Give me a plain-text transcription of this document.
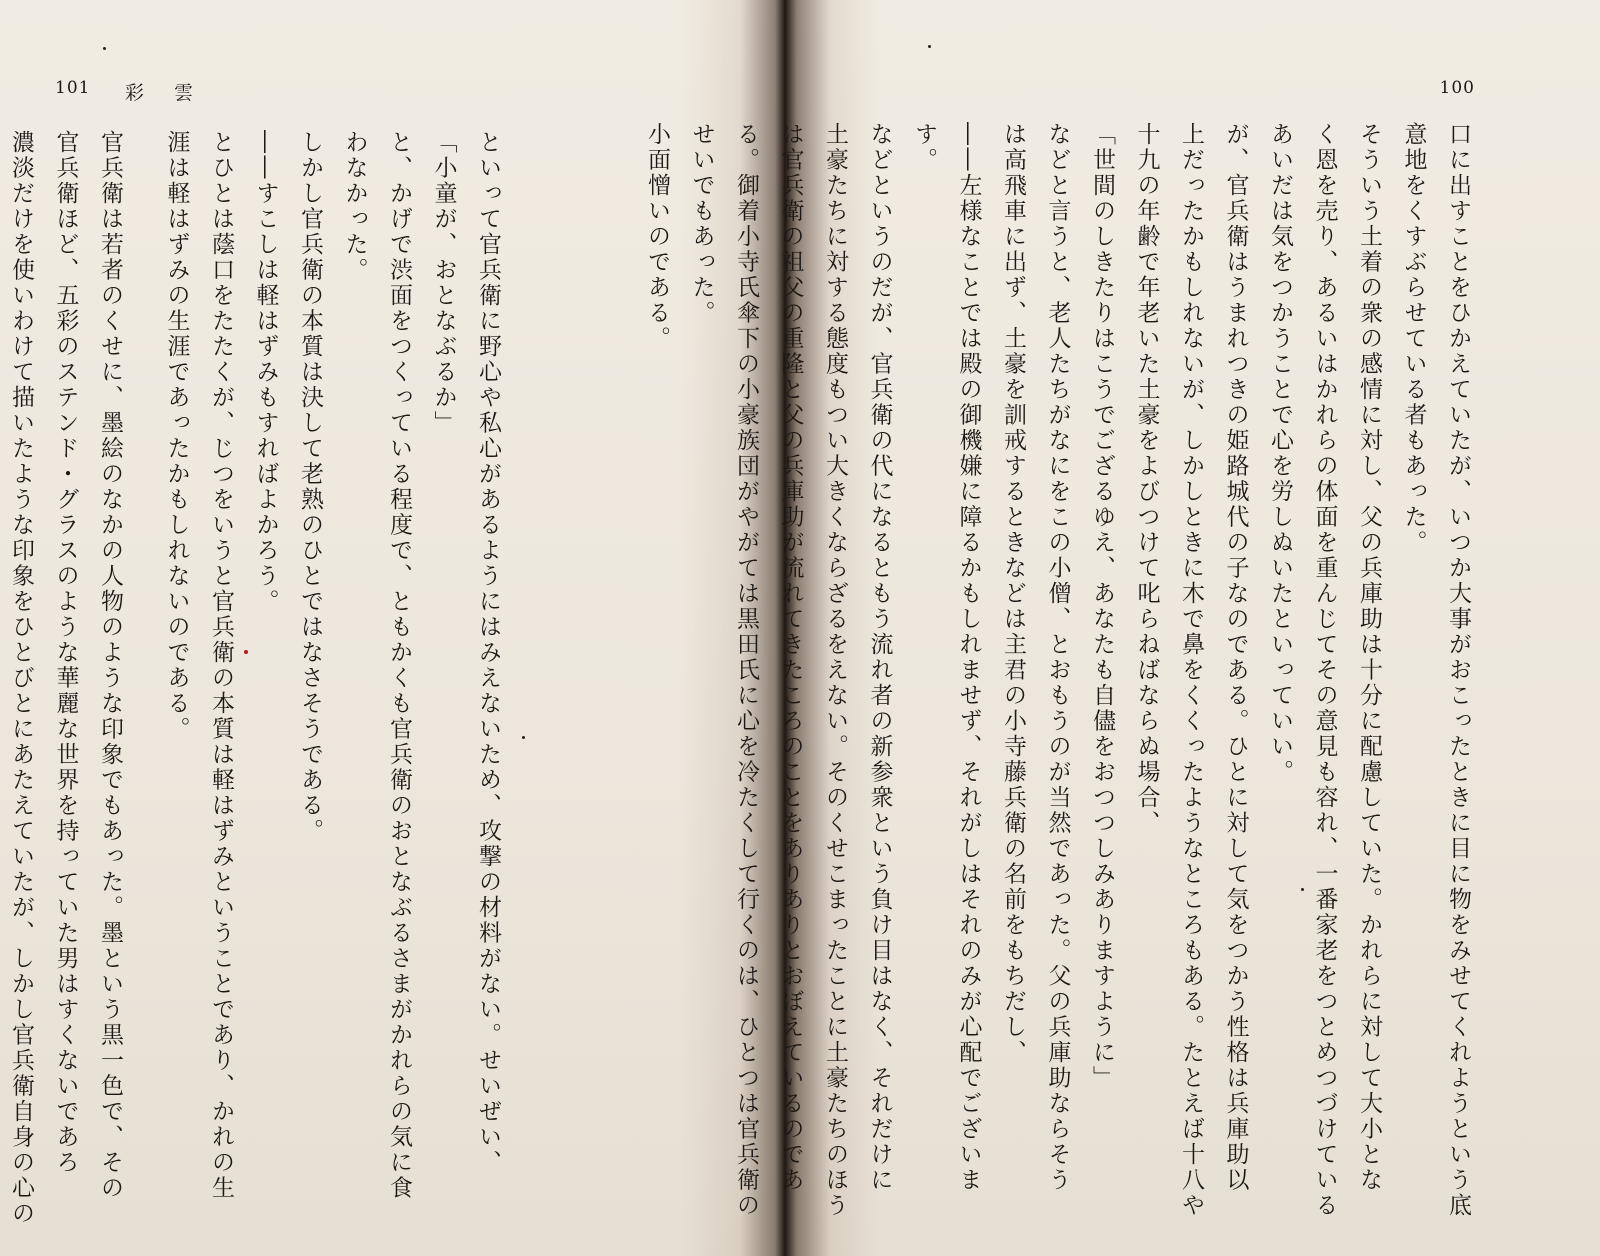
101 彩 雲
といって官兵衛に野心や私心があるようにはみえないため、攻撃の材料がない。せいぜい、
「小童が、おとなぶるか」
と、かげで渋面をつくっている程度で、ともかくも官兵衛のおとなぶるさまがかれらの気に食
わなかった。
しかし官兵衛の本質は決して老熟のひとではなさそうである。
――すこしは軽はずみもすればよかろう。
とひとは蔭口をたたくが、じつをいうと官兵衛の本質は軽はずみということであり、かれの生
涯は軽はずみの生涯であったかもしれないのである。
官兵衛は若者のくせに、墨絵のなかの人物のような印象でもあった。墨という黒一色で、その
官兵衛ほど、五彩のステンド・グラスのような華麗な世界を持っていた男はすくないであろ
濃淡だけを使いわけて描いたような印象をひとびとにあたえていたが、しかし官兵衛自身の心の
100
口に出すことをひかえていたが、いつか大事がおこったときに目に物をみせてくれようという底
意地をくすぶらせている者もあった。
そういう土着の衆の感情に対し、父の兵庫助は十分に配慮していた。かれらに対して大小とな
く恩を売り、あるいはかれらの体面を重んじてその意見も容れ、一番家老をつとめつづけている
あいだは気をつかうことで心を労しぬいたといっていい。
が、官兵衛はうまれつきの姫路城代の子なのである。ひとに対して気をつかう性格は兵庫助以
上だったかもしれないが、しかしときに木で鼻をくくったようなところもある。たとえば十八や
十九の年齢で年老いた土豪をよびつけて叱らねばならぬ場合、
「世間のしきたりはこうでござるゆえ、あなたも自儘をおつつしみありますように」
などと言うと、老人たちがなにをこの小僧、とおもうのが当然であった。父の兵庫助ならそう
は高飛車に出ず、土豪を訓戒するときなどは主君の小寺藤兵衛の名前をもちだし、
――左様なことでは殿の御機嫌に障るかもしれませず、それがしはそれのみが心配でございま
す。
などというのだが、官兵衛の代になるともう流れ者の新参衆という負け目はなく、それだけに
土豪たちに対する態度もつい大きくならざるをえない。そのくせこまったことに土豪たちのほう
は官兵衛の祖父の重隆と父の兵庫助が流れてきたころのことをありありとおぼえているのであ
る。御着小寺氏傘下の小豪族団がやがては黒田氏に心を冷たくして行くのは、ひとつは官兵衛の
せいでもあった。
小面憎いのである。
